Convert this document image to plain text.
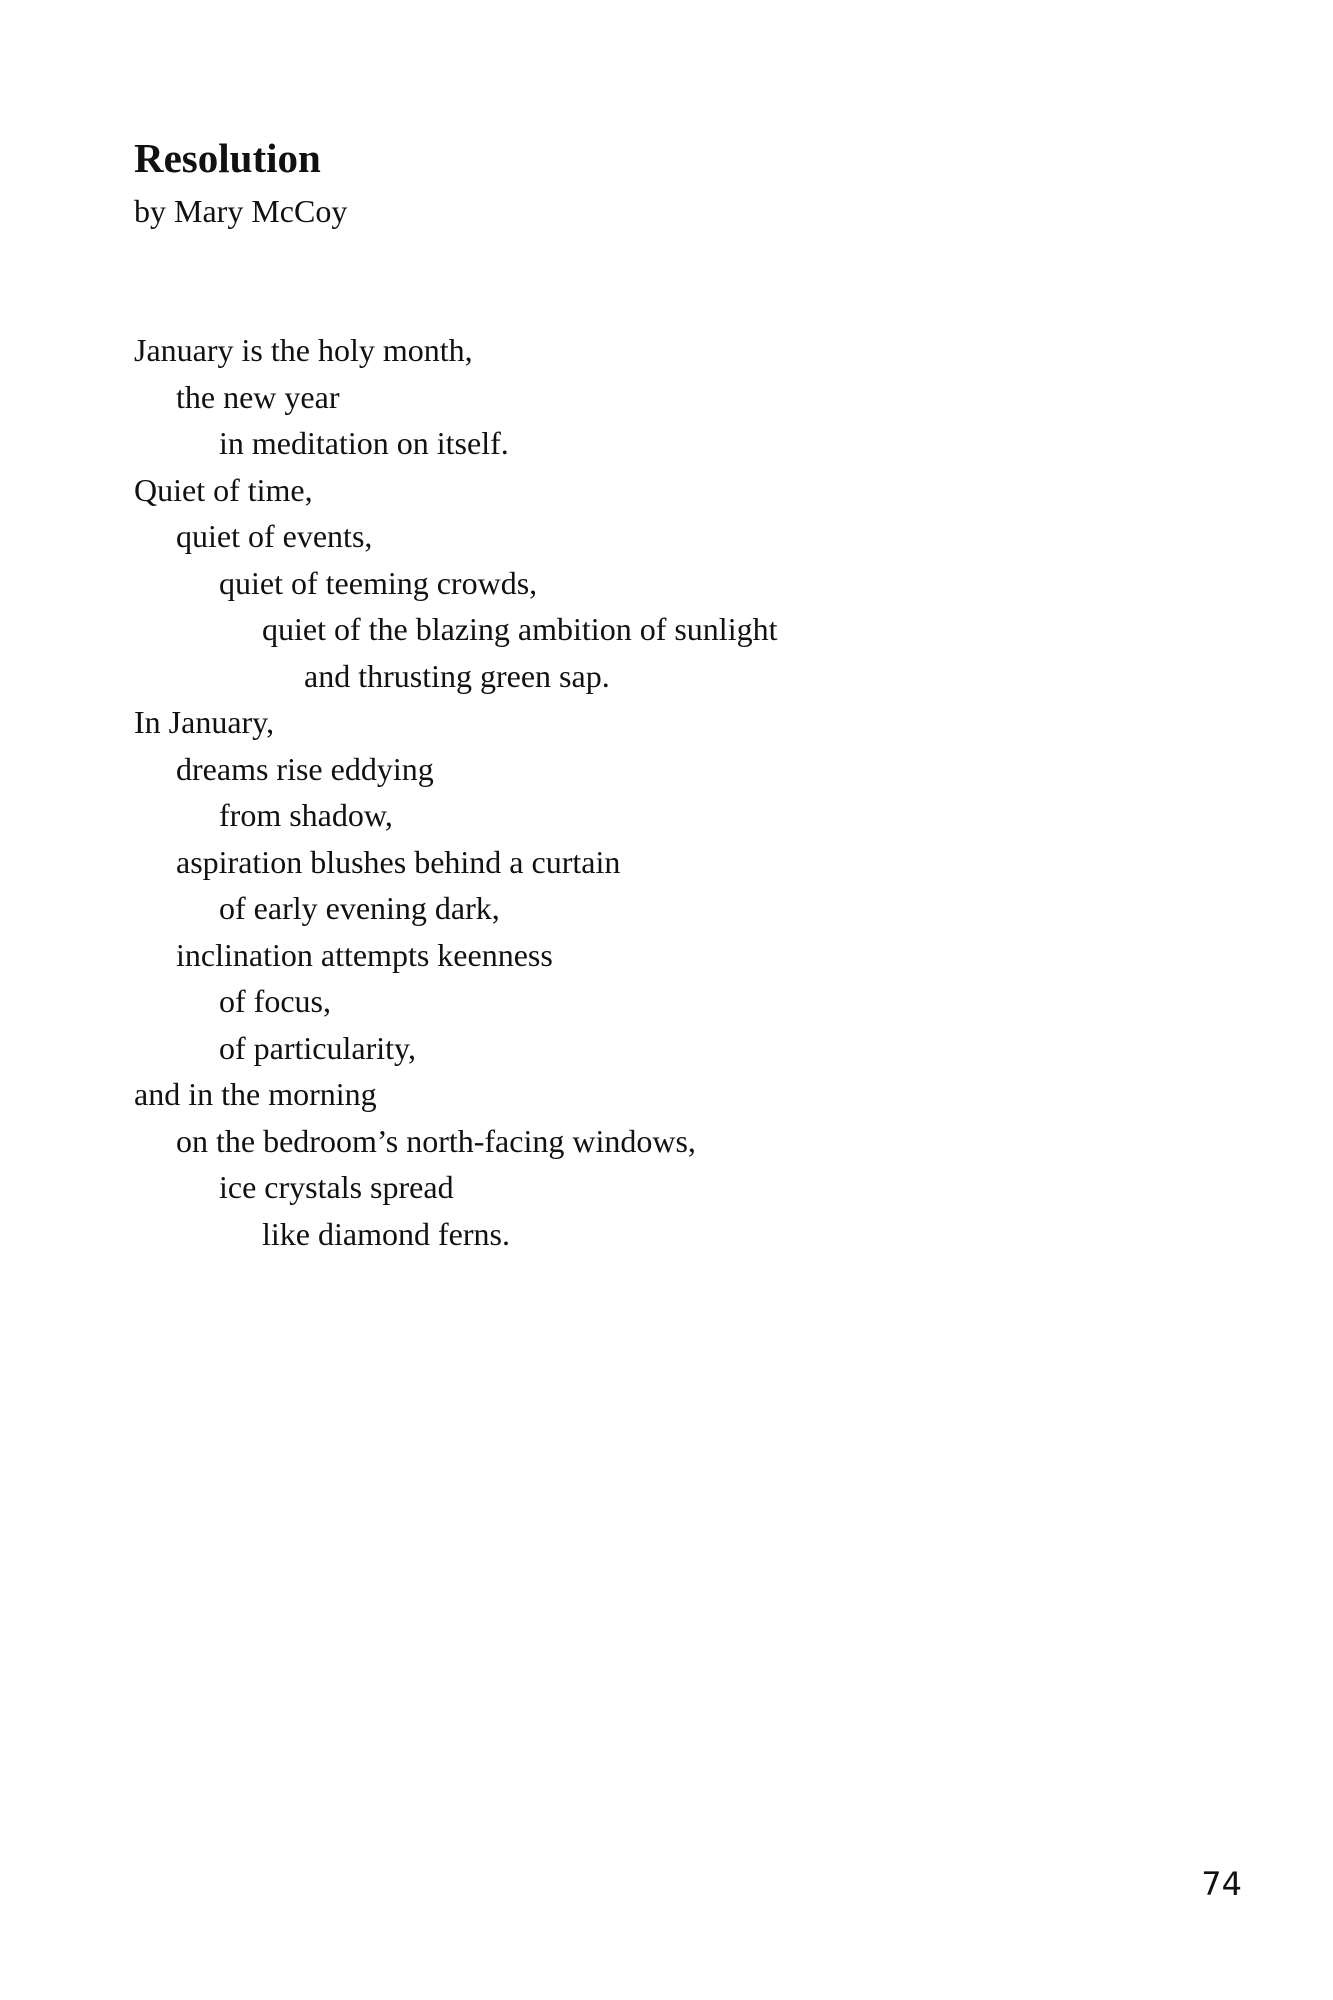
Resolution

by Mary McCoy

January is the holy month,
the new year
in meditation on itself.
Quiet of time,
quiet of events,
quiet of teeming crowds,
quiet of the blazing ambition of sunlight
and thrusting green sap.
In January,
dreams rise eddying
from shadow,
aspiration blushes behind a curtain
of early evening dark,
inclination attempts keenness
of focus,
of particularity,
and in the morning
on the bedroom’s north-facing windows,
ice crystals spread
like diamond ferns.

74
